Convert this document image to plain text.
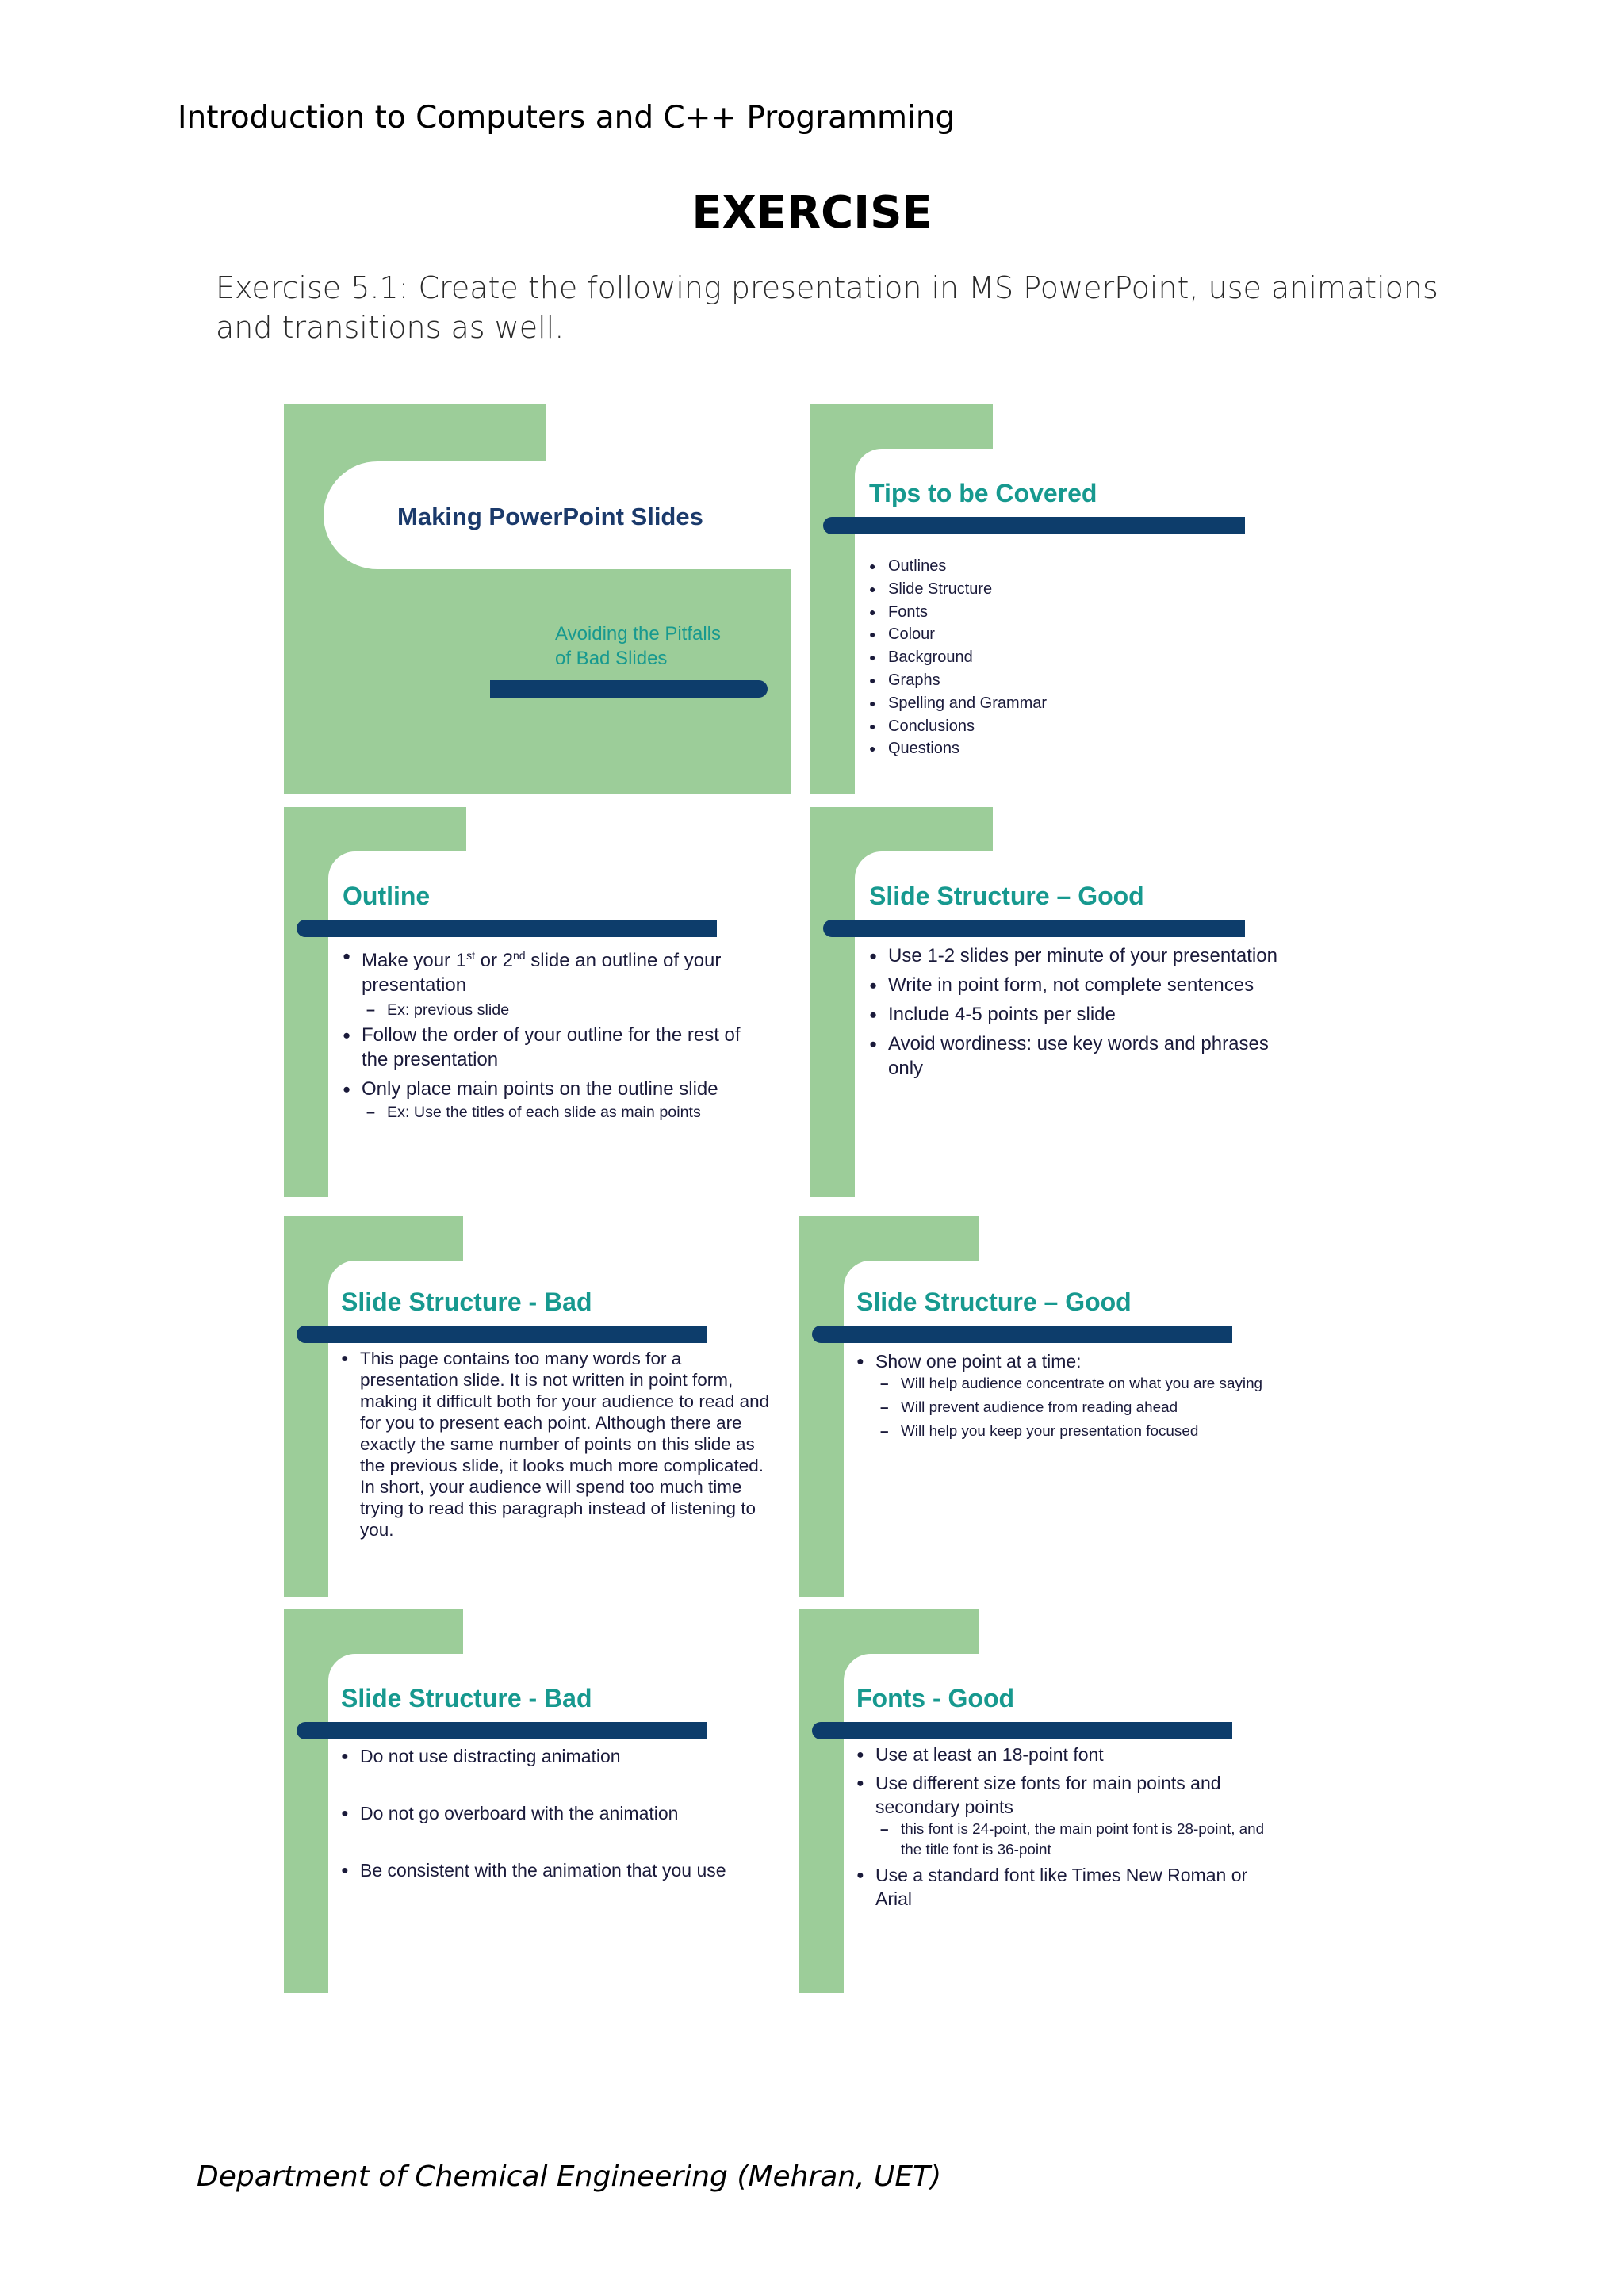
Introduction to Computers and C++ Programming
EXERCISE
Exercise 5.1: Create the following presentation in MS PowerPoint, use animations and transitions as well.
Making PowerPoint Slides
Avoiding the Pitfalls
of Bad Slides
Tips to be Covered
● Outlines
● Slide Structure
● Fonts
● Colour
● Background
● Graphs
● Spelling and Grammar
● Conclusions
● Questions
Outline
● Make your 1st or 2nd slide an outline of your presentation
– Ex: previous slide
● Follow the order of your outline for the rest of the presentation
● Only place main points on the outline slide
– Ex: Use the titles of each slide as main points
Slide Structure – Good
● Use 1-2 slides per minute of your presentation
● Write in point form, not complete sentences
● Include 4-5 points per slide
● Avoid wordiness: use key words and phrases only
Slide Structure - Bad
● This page contains too many words for a presentation slide. It is not written in point form, making it difficult both for your audience to read and for you to present each point. Although there are exactly the same number of points on this slide as the previous slide, it looks much more complicated. In short, your audience will spend too much time trying to read this paragraph instead of listening to you.
Slide Structure – Good
● Show one point at a time:
– Will help audience concentrate on what you are saying
– Will prevent audience from reading ahead
– Will help you keep your presentation focused
Slide Structure - Bad
● Do not use distracting animation
● Do not go overboard with the animation
● Be consistent with the animation that you use
Fonts - Good
● Use at least an 18-point font
● Use different size fonts for main points and secondary points
– this font is 24-point, the main point font is 28-point, and the title font is 36-point
● Use a standard font like Times New Roman or Arial
Department of Chemical Engineering (Mehran, UET)
